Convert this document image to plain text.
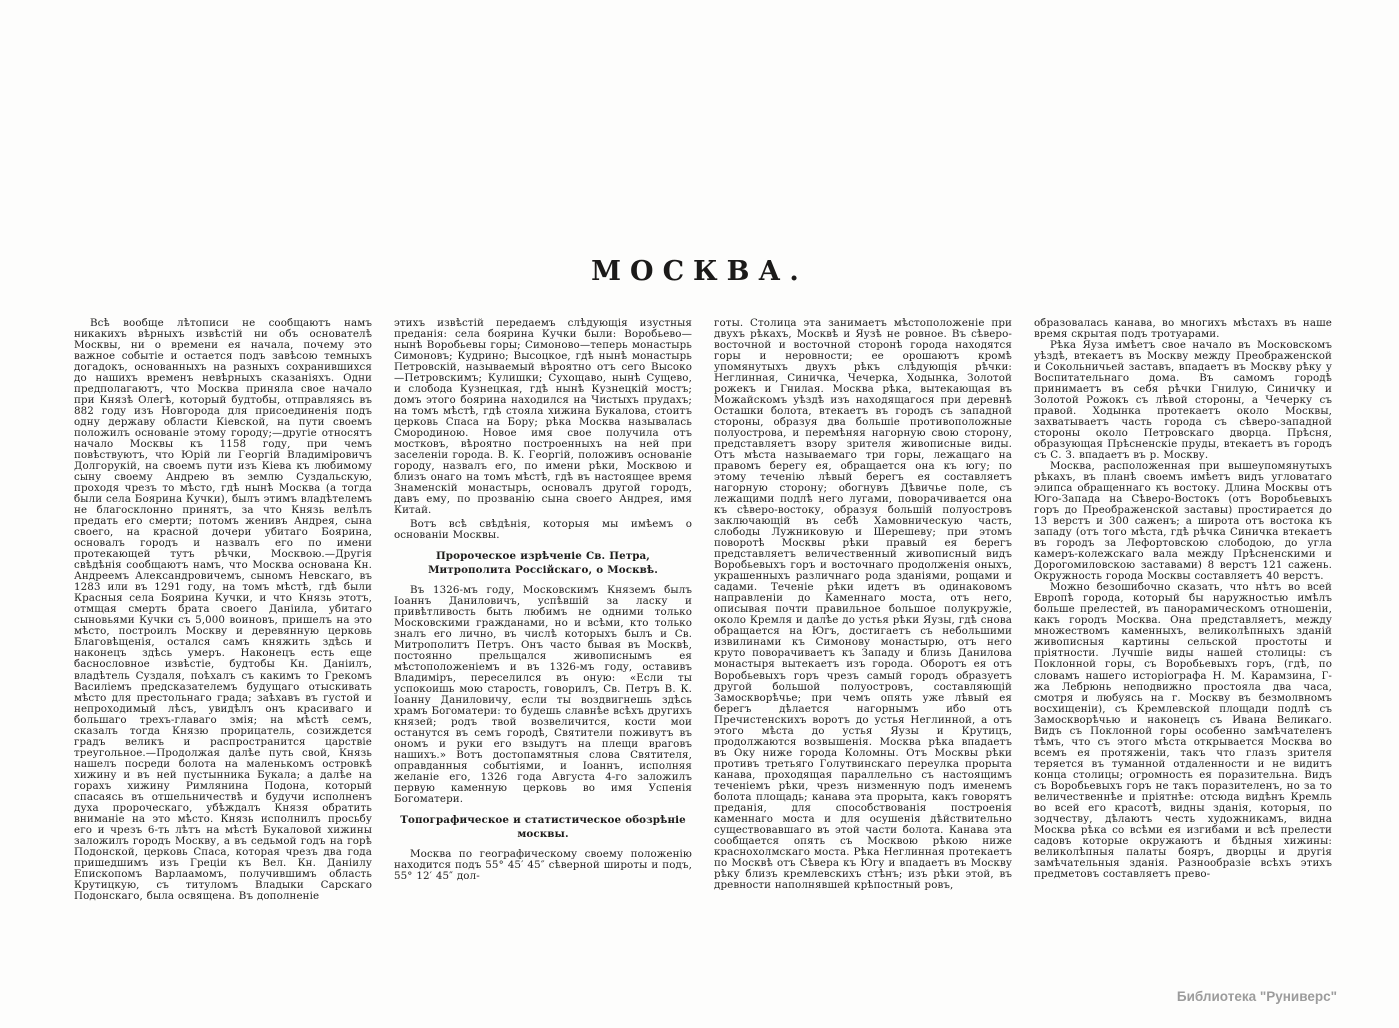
МОСКВА.

Всѣ вообще лѣтописи не сообщаютъ намъ никакихъ вѣрныхъ извѣстій ни объ основателѣ Москвы, ни о времени ея начала, почему это важное событіе и остается подъ завѣсою темныхъ догадокъ, основанныхъ на разныхъ сохранившихся до нашихъ временъ невѣрныхъ сказаніяхъ. Одни предполагаютъ, что Москва приняла свое начало при Князѣ Олегѣ, который будтобы, отправляясь въ 882 году изъ Новгорода для присоединенія подъ одну державу области Кіевской, на пути своемъ положилъ основаніе этому городу;—другіе относятъ начало Москвы къ 1158 году, при чемъ повѣствуютъ, что Юрій ли Георгій Владиміровичъ Долгорукій, на своемъ пути изъ Кіева къ любимому сыну своему Андрею въ землю Суздальскую, проходя чрезъ то мѣсто, гдѣ нынѣ Москва (а тогда были села Боярина Кучки), былъ этимъ владѣтелемъ не благосклонно принятъ, за что Князь велѣлъ предать его смерти; потомъ женивъ Андрея, сына своего, на красной дочери убитаго Боярина, основалъ городъ и назвалъ его по имени протекающей тутъ рѣчки, Москвою.—Другія свѣдѣнія сообщаютъ намъ, что Москва основана Кн. Андреемъ Александровичемъ, сыномъ Невскаго, въ 1283 или въ 1291 году, на томъ мѣстѣ, гдѣ были Красныя села Боярина Кучки, и что Князь этотъ, отмщая смерть брата своего Даніила, убитаго сыновьями Кучки съ 5,000 воиновъ, пришелъ на это мѣсто, построилъ Москву и деревянную церковь Благовѣщенія, остался самъ княжить здѣсь и наконецъ здѣсь умеръ. Наконецъ есть еще баснословное извѣстіе, будтобы Кн. Даніилъ, владѣтель Суздаля, поѣхалъ съ какимъ то Грекомъ Василіемъ предсказателемъ будущаго отыскивать мѣсто для престольнаго града; заѣхавъ въ густой и непроходимый лѣсъ, увидѣлъ онъ красиваго и большаго трехъ-главаго змія; на мѣстѣ семъ, сказалъ тогда Князю прорицатель, созиждется градъ великъ и распространится царствіе треугольное.—Продолжая далѣе путь свой, Князь нашелъ посреди болота на маленькомъ островкѣ хижину и въ ней пустынника Букала; а далѣе на горахъ хижину Римлянина Подона, который спасаясь въ отшельничествѣ и будучи исполненъ духа пророческаго, убѣждалъ Князя обратить вниманіе на это мѣсто. Князь исполнилъ просьбу его и чрезъ 6-ть лѣтъ на мѣстѣ Букаловой хижины заложилъ городъ Москву, а въ седьмой годъ на горѣ Подонской, церковь Спаса, которая чрезъ два года пришедшимъ изъ Греціи къ Вел. Кн. Даніилу Епископомъ Варлаамомъ, получившимъ область Крутицкую, съ титуломъ Владыки Сарскаго Подонскаго, была освящена. Въ дополненіе

этихъ извѣстій передаемъ слѣдующія изустныя преданія: села боярина Кучки были: Воробьево—нынѣ Воробьевы горы; Симоново—теперь монастырь Симоновъ; Кудрино; Высоцкое, гдѣ нынѣ монастырь Петровскій, называемый вѣроятно отъ сего Высоко—Петровскимъ; Кулишки; Сухощаво, нынѣ Сущево, и слобода Кузнецкая, гдѣ нынѣ Кузнецкій мостъ; домъ этого боярина находился на Чистыхъ прудахъ; на томъ мѣстѣ, гдѣ стояла хижина Букалова, стоитъ церковь Спаса на Бору; рѣка Москва называлась Смородиною. Новое имя свое получила отъ мостковъ, вѣроятно построенныхъ на ней при заселеніи города. В. К. Георгій, положивъ основаніе городу, назвалъ его, по имени рѣки, Москвою и близъ онаго на томъ мѣстѣ, гдѣ въ настоящее время Знаменскій монастырь, основалъ другой городъ, давъ ему, по прозванію сына своего Андрея, имя Китай.

Вотъ всѣ свѣдѣнія, которыя мы имѣемъ о основаніи Москвы.

Пророческое изрѣченіе Св. Петра, Митрополита Россійскаго, о Москвѣ.

Въ 1326-мъ году, Московскимъ Княземъ былъ Іоаннъ Даниловичъ, успѣвшій за ласку и привѣтливость быть любимъ не одними только Московскими гражданами, но и всѣми, кто только зналъ его лично, въ числѣ которыхъ былъ и Св. Митрополитъ Петръ. Онъ часто бывая въ Москвѣ, постоянно прельщался живописнымъ ея мѣстоположеніемъ и въ 1326-мъ году, оставивъ Владиміръ, переселился въ оную: «Если ты успокоишь мою старость, говорилъ, Св. Петръ В. К. Іоанну Даниловичу, если ты воздвигнешь здѣсь храмъ Богоматери: то будешь славнѣе всѣхъ другихъ князей; родъ твой возвеличится, кости мои останутся въ семъ городѣ, Святители поживутъ въ ономъ и руки его взыдутъ на плещи враговъ нашихъ.» Вотъ достопамятныя слова Святителя, оправданныя событіями, и Іоаннъ, исполняя желаніе его, 1326 года Августа 4-го заложилъ первую каменную церковь во имя Успенія Богоматери.

Топографическое и статистическое обозрѣніе москвы.

Москва по географическому своему положенію находится подъ 55° 45′ 45″ сѣверной широты и подъ, 55° 12′ 45″ дол-

готы. Столица эта занимаетъ мѣстоположеніе при двухъ рѣкахъ, Москвѣ и Яузѣ не ровное. Въ сѣверо-восточной и восточной сторонѣ города находятся горы и неровности; ее орошаютъ кромѣ упомянутыхъ двухъ рѣкъ слѣдующія рѣчки: Неглинная, Синичка, Чечерка, Ходынка, Золотой рожекъ и Гнилая. Москва рѣка, вытекающая въ Можайскомъ уѣздѣ изъ находящагося при деревнѣ Осташки болота, втекаетъ въ городъ съ западной стороны, образуя два большіе противоположные полуострова, и перемѣняя нагорную свою сторону, представляетъ взору зрителя живописные виды. Отъ мѣста называемаго три горы, лежащаго на правомъ берегу ея, обращается она къ югу; по этому теченію лѣвый берегъ ея составляетъ нагорную сторону; обогнувъ Дѣвичье поле, съ лежащими подлѣ него лугами, поворачивается она къ сѣверо-востоку, образуя большій полуостровъ заключающій въ себѣ Хамовническую часть, слободы Лужниковую и Шерешеву; при этомъ поворотѣ Москвы рѣки правый ея берегъ представляетъ величественный живописный видъ Воробьевыхъ горъ и восточнаго продолженія оныхъ, украшенныхъ различнаго рода зданіями, рощами и садами. Теченіе рѣки идетъ въ одинаковомъ направленіи до Каменнаго моста, отъ него, описывая почти правильное большое полукружіе, около Кремля и далѣе до устья рѣки Яузы, гдѣ снова обращается на Югъ, достигаетъ съ небольшими извилинами къ Симонову монастырю, отъ него круто поворачиваетъ къ Западу и близь Данилова монастыря вытекаетъ изъ города. Оборотъ ея отъ Воробьевыхъ горъ чрезъ самый городъ образуетъ другой большой полуостровъ, составляющій Замоскворѣчье; при чемъ опять уже лѣвый ея берегъ дѣлается нагорнымъ ибо отъ Пречистенскихъ воротъ до устья Неглинной, а отъ этого мѣста до устья Яузы и Крутицъ, продолжаются возвышенія. Москва рѣка впадаетъ въ Оку ниже города Коломны. Отъ Москвы рѣки противъ третьяго Голутвинскаго переулка прорыта канава, проходящая параллельно съ настоящимъ теченіемъ рѣки, чрезъ низменную подъ именемъ болота площадь; канава эта прорыта, какъ говорятъ преданія, для способствованія построенія каменнаго моста и для осушенія дѣйствительно существовавшаго въ этой части болота. Канава эта сообщается опять съ Москвою рѣкою ниже краснохолмскаго моста. Рѣка Неглинная протекаетъ по Москвѣ отъ Сѣвера къ Югу и впадаетъ въ Москву рѣку близъ кремлевскихъ стѣнъ; изъ рѣки этой, въ древности наполнявшей крѣпостный ровъ,

образовалась канава, во многихъ мѣстахъ въ наше время скрытая подъ тротуарами.

Рѣка Яуза имѣетъ свое начало въ Московскомъ уѣздѣ, втекаетъ въ Москву между Преображенской и Сокольничьей заставъ, впадаетъ въ Москву рѣку у Воспитательнаго дома. Въ самомъ городѣ принимаетъ въ себя рѣчки Гнилую, Синичку и Золотой Рожокъ съ лѣвой стороны, а Чечерку съ правой. Ходынка протекаетъ около Москвы, захватываетъ часть города съ сѣверо-западной стороны около Петровскаго дворца. Прѣсня, образующая Прѣсненскіе пруды, втекаетъ въ городъ съ С. З. впадаетъ въ р. Москву.

Москва, расположенная при вышеупомянутыхъ рѣкахъ, въ планѣ своемъ имѣетъ видъ угловатаго элипса обращеннаго къ востоку. Длина Москвы отъ Юго-Запада на Сѣверо-Востокъ (отъ Воробьевыхъ горъ до Преображенской заставы) простирается до 13 верстъ и 300 саженъ; а широта отъ востока къ западу (отъ того мѣста, гдѣ рѣчка Синичка втекаетъ въ городъ за Лефортовскою слободою, до угла камеръ-колежскаго вала между Прѣсненскими и Дорогомиловскою заставами) 8 верстъ 121 сажень. Окружность города Москвы составляетъ 40 верстъ.

Можно безошибочно сказать, что нѣтъ во всей Европѣ города, который бы наружностью имѣлъ больше прелестей, въ панорамическомъ отношеніи, какъ городъ Москва. Она представляетъ, между множествомъ каменныхъ, великолѣпныхъ зданій живописныя картины сельской простоты и пріятности. Лучшіе виды нашей столицы: съ Поклонной горы, съ Воробьевыхъ горъ, (гдѣ, по словамъ нашего исторіографа Н. М. Карамзина, Г-жа Лебрюнь неподвижно простояла два часа, смотря и любуясь на г. Москву въ безмолвномъ восхищеніи), съ Кремлевской площади подлѣ съ Замоскворѣчью и наконецъ съ Ивана Великаго. Видъ съ Поклонной горы особенно замѣчателенъ тѣмъ, что съ этого мѣста открывается Москва во всемъ ея протяженіи, такъ что глазъ зрителя теряется въ туманной отдаленности и не видитъ конца столицы; огромность ея поразительна. Видъ съ Воробьевыхъ горъ не такъ поразителенъ, но за то величественнѣе и пріятнѣе: отсюда видѣнъ Кремль во всей его красотѣ, видны зданія, которыя, по зодчеству, дѣлаютъ честь художникамъ, видна Москва рѣка со всѣми ея изгибами и всѣ прелести садовъ которые окружаютъ и бѣдныя хижины: великолѣпныя палаты бояръ, дворцы и другія замѣчательныя зданія. Разнообразіе всѣхъ этихъ предметовъ составляетъ прево-

Библиотека "Руниверс"
